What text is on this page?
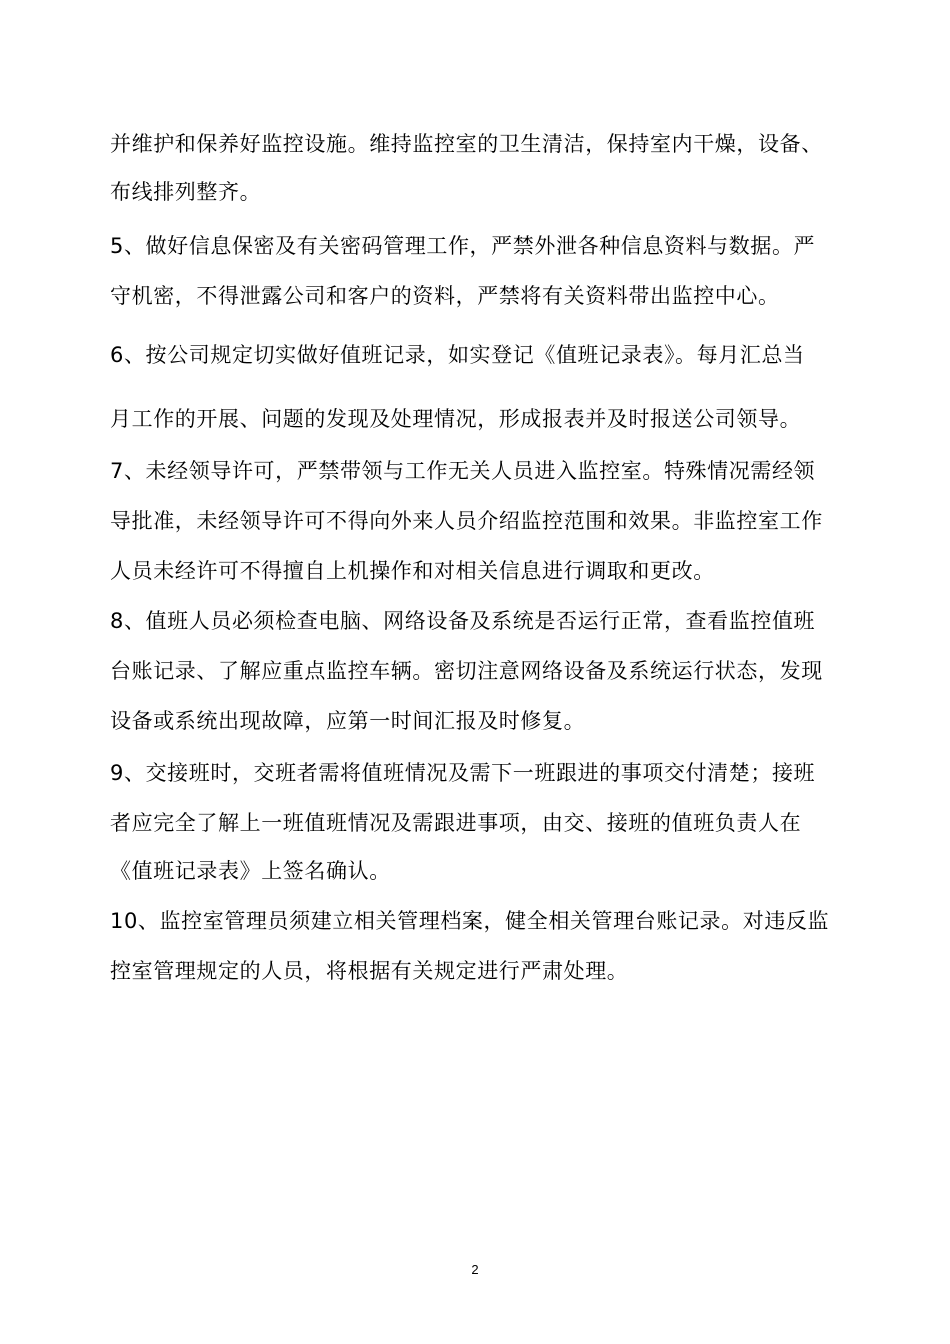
并维护和保养好监控设施。维持监控室的卫生清洁，保持室内干燥，设备、
布线排列整齐。
5、做好信息保密及有关密码管理工作，严禁外泄各种信息资料与数据。严
守机密，不得泄露公司和客户的资料，严禁将有关资料带出监控中心。
6、按公司规定切实做好值班记录，如实登记《值班记录表》。每月汇总当
月工作的开展、问题的发现及处理情况，形成报表并及时报送公司领导。
7、未经领导许可，严禁带领与工作无关人员进入监控室。特殊情况需经领
导批准，未经领导许可不得向外来人员介绍监控范围和效果。非监控室工作
人员未经许可不得擅自上机操作和对相关信息进行调取和更改。
8、值班人员必须检查电脑、网络设备及系统是否运行正常，查看监控值班
台账记录、了解应重点监控车辆。密切注意网络设备及系统运行状态，发现
设备或系统出现故障，应第一时间汇报及时修复。
9、交接班时，交班者需将值班情况及需下一班跟进的事项交付清楚；接班
者应完全了解上一班值班情况及需跟进事项，由交、接班的值班负责人在
《值班记录表》上签名确认。
10、监控室管理员须建立相关管理档案，健全相关管理台账记录。对违反监
控室管理规定的人员，将根据有关规定进行严肃处理。
2
